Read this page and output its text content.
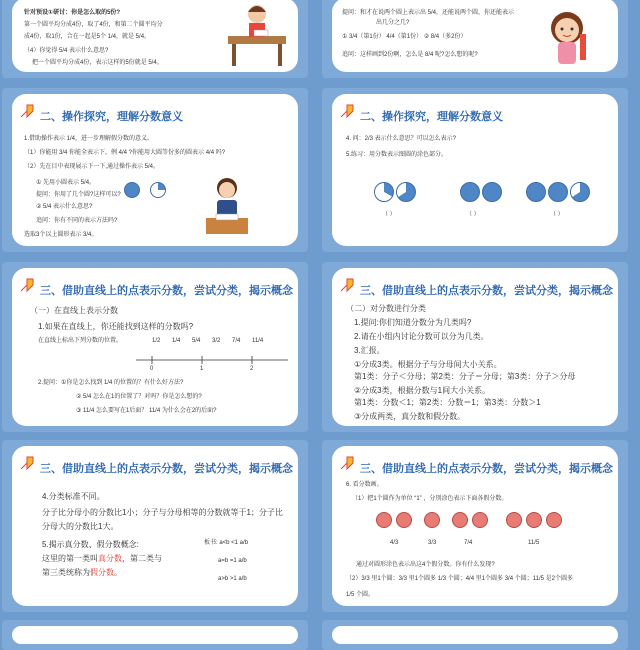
针对预设①研讨：你是怎么取的5份?
第一个圆平均分成4份，取了4份，和第二个圆平均分
成4份，取1份，合在一起是5个 1/4，就是 5/4。
（4）你觉得 5/4 表示什么意思?
把一个圆平均分成4份，表示这样的5份就是 5/4。
提问：和才在说两个圆上表示出 5/4，还能说两个圆，你还能表示
出几分之几?
① 3/4（第1份） 4/4（第1份） ② 8/4（多2份）
追问：这样画到2份啊，怎么是 8/4 呢?怎么想的呢?
二、操作探究，理解分数意义
1.借助操作表示 1/4，进一步理解假分数的意义。
（1）你能用 3/4 你能全表示下，例 4/4 ?你能用大圆等份多的圆表示 4/4 吗?
（2）先在目中表现展示下一下,通过操作表示 5/4。
① 先用小圆表示 5/4。
提问：你用了几个圆?这样可以?
② 5/4 表示什么意思?
追问：你有不同的表示方法吗?
选取3个以上圆形表示 3/4。
二、操作探究，理解分数意义
4. 问：2/3 表示什么意思？可以怎么表示?
5.练习：用分数表示图圆的涂色部分。
（ ）	（ ）	（ ）
三、借助直线上的点表示分数，尝试分类，揭示概念
（一）在直线上表示分数
1.如果在直线上，你还能找到这样的分数吗?
在直线上标出下列分数的位置。	1/2 1/4 5/4 3/2 7/4 11/4
0	1	2
2.提问：①你是怎么找到 1/4 的位置的？有什么好方法?
② 5/4 怎么在1的位置了？对吗？你是怎么想的?
③ 11/4 怎么要写在1后面？ 11/4 为什么会在2的后面?
三、借助直线上的点表示分数，尝试分类，揭示概念
（二）对分数进行分类
1.提问:你们知道分数分为几类吗?
2.请在小组内讨论分数可以分为几类。
3.汇报。
①分成3类。根据分子与分母间大小关系。
第1类：分子＜分母；第2类：分子＝分母；第3类：分子＞分母
②分成3类，根据分数与1间大小关系。
第1类：分数＜1；第2类：分数＝1；第3类：分数＞1
③分成两类，真分数和假分数。
三、借助直线上的点表示分数，尝试分类，揭示概念
4.分类标准不同。
分子比分母小的分数比1小；分子与分母相等的分数就等于1；分子比
分母大的分数比1大。
5.揭示真分数、假分数概念:
这里的第一类叫真分数，第二类与
第三类统称为假分数。
板书: a<b <1 a/b
a=b =1 a/b
a>b >1 a/b
三、借助直线上的点表示分数，尝试分类，揭示概念
6. 看分数画。
（1）把1个圆作为单位 “1” ，分别涂色表示下面各假分数。
4/3	3/3	7/4	11/5
通过对圆形涂色表示出这4个假分数。你有什么发现?
（2）3/3 里1个圆；3/3 里1个圆多 1/3 个圆；4/4 里1个圆多 3/4 个圆；11/5 是2个圆多
1/5 个圆。
